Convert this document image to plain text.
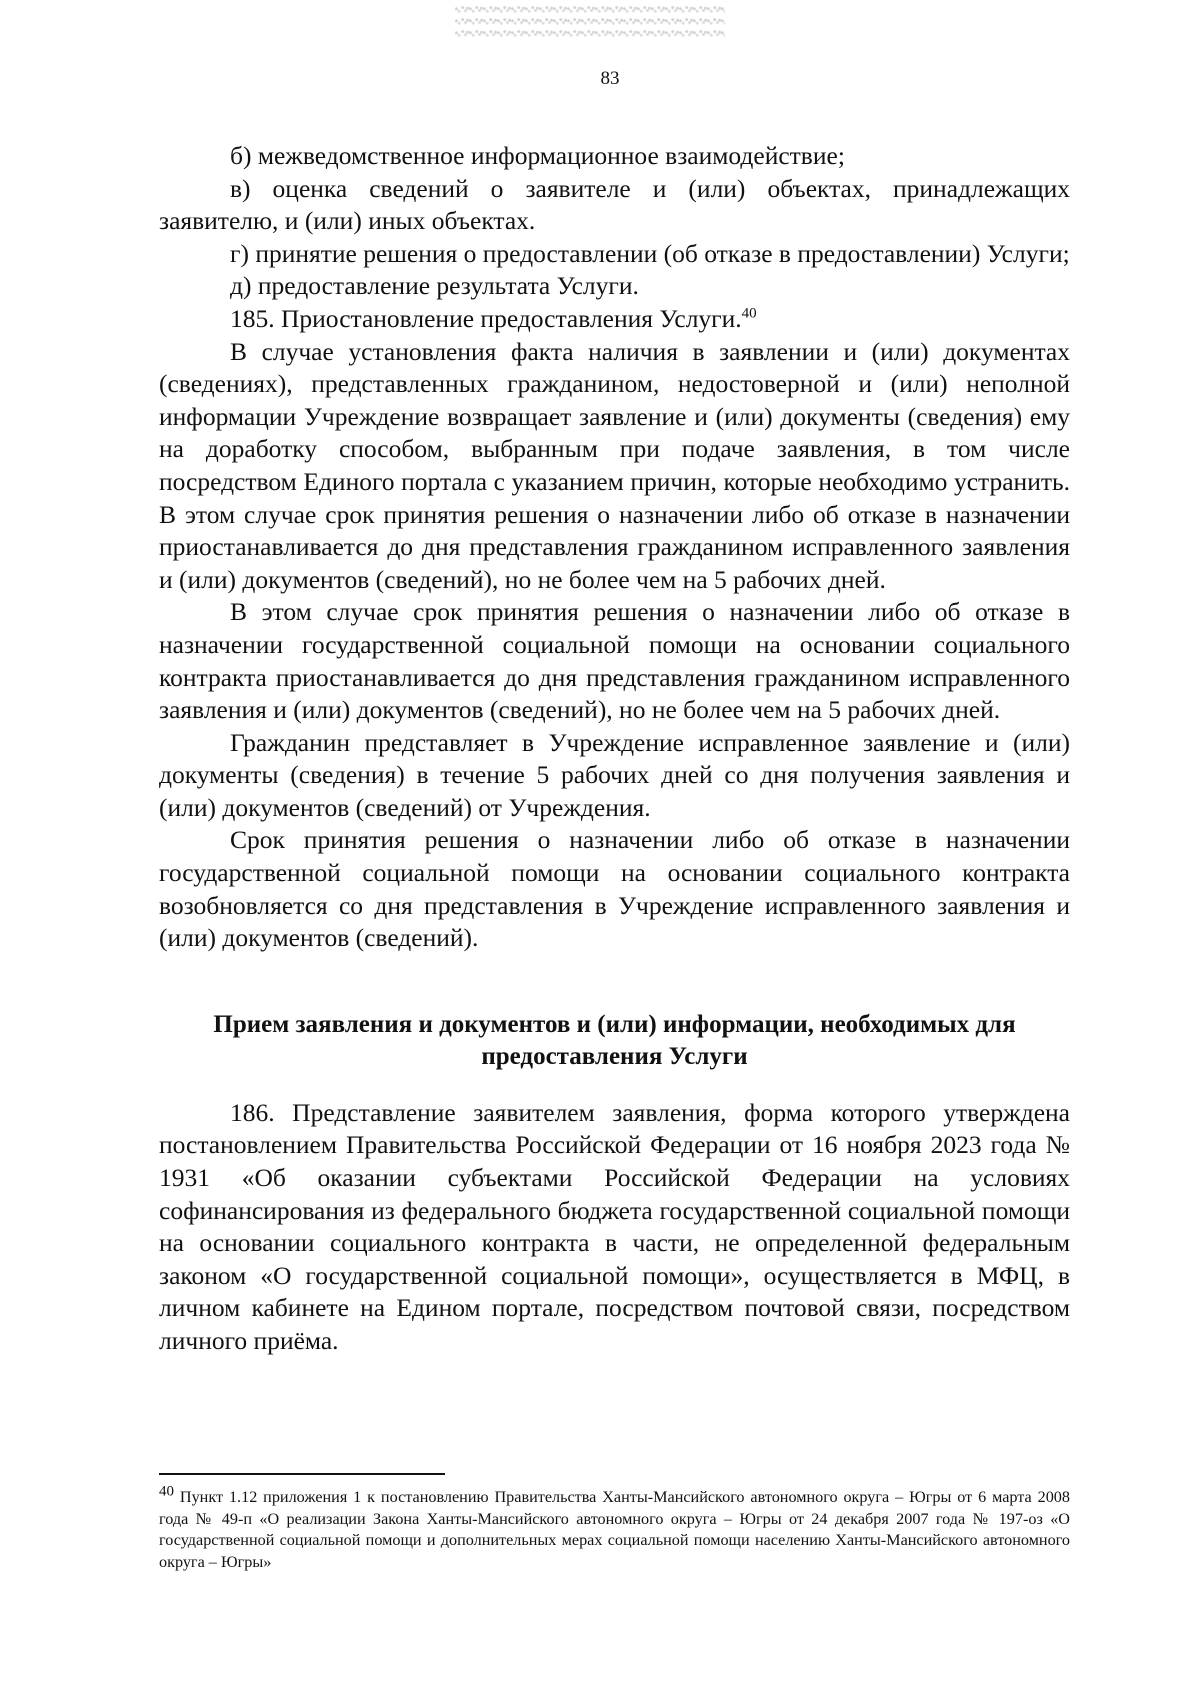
83

б) межведомственное информационное взаимодействие;

в) оценка сведений о заявителе и (или) объектах, принадлежащих заявителю, и (или) иных объектах.

г) принятие решения о предоставлении (об отказе в предоставлении) Услуги;

д) предоставление результата Услуги.

185. Приостановление предоставления Услуги.$^{40}$

В случае установления факта наличия в заявлении и (или) документах (сведениях), представленных гражданином, недостоверной и (или) неполной информации Учреждение возвращает заявление и (или) документы (сведения) ему на доработку способом, выбранным при подаче заявления, в том числе посредством Единого портала с указанием причин, которые необходимо устранить. В этом случае срок принятия решения о назначении либо об отказе в назначении приостанавливается до дня представления гражданином исправленного заявления и (или) документов (сведений), но не более чем на 5 рабочих дней.

В этом случае срок принятия решения о назначении либо об отказе в назначении государственной социальной помощи на основании социального контракта приостанавливается до дня представления гражданином исправленного заявления и (или) документов (сведений), но не более чем на 5 рабочих дней.

Гражданин представляет в Учреждение исправленное заявление и (или) документы (сведения) в течение 5 рабочих дней со дня получения заявления и (или) документов (сведений) от Учреждения.

Срок принятия решения о назначении либо об отказе в назначении государственной социальной помощи на основании социального контракта возобновляется со дня представления в Учреждение исправленного заявления и (или) документов (сведений).

Прием заявления и документов и (или) информации, необходимых для предоставления Услуги

186. Представление заявителем заявления, форма которого утверждена постановлением Правительства Российской Федерации от 16 ноября 2023 года № 1931 «Об оказании субъектами Российской Федерации на условиях софинансирования из федерального бюджета государственной социальной помощи на основании социального контракта в части, не определенной федеральным законом «О государственной социальной помощи», осуществляется в МФЦ, в личном кабинете на Едином портале, посредством почтовой связи, посредством личного приёма.

$^{40}$ Пункт 1.12 приложения 1 к постановлению Правительства Ханты-Мансийского автономного округа – Югры от 6 марта 2008 года № 49-п «О реализации Закона Ханты-Мансийского автономного округа – Югры от 24 декабря 2007 года № 197-оз «О государственной социальной помощи и дополнительных мерах социальной помощи населению Ханты-Мансийского автономного округа – Югры»
